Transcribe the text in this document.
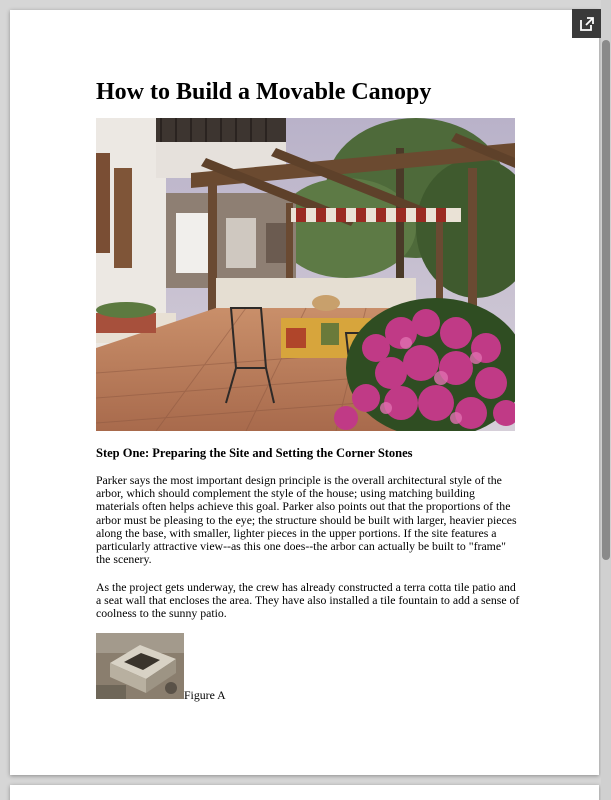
How to Build a Movable Canopy
Step One: Preparing the Site and Setting the Corner Stones

Parker says the most important design principle is the overall architectural style of the arbor, which should complement the style of the house; using matching building materials often helps achieve this goal. Parker also points out that the proportions of the arbor must be pleasing to the eye; the structure should be built with larger, heavier pieces along the base, with smaller, lighter pieces in the upper portions. If the site features a particularly attractive view--as this one does--the arbor can actually be built to "frame" the scenery.

As the project gets underway, the crew has already constructed a terra cotta tile patio and a seat wall that encloses the area. They have also installed a tile fountain to add a sense of coolness to the sunny patio.

Figure A
